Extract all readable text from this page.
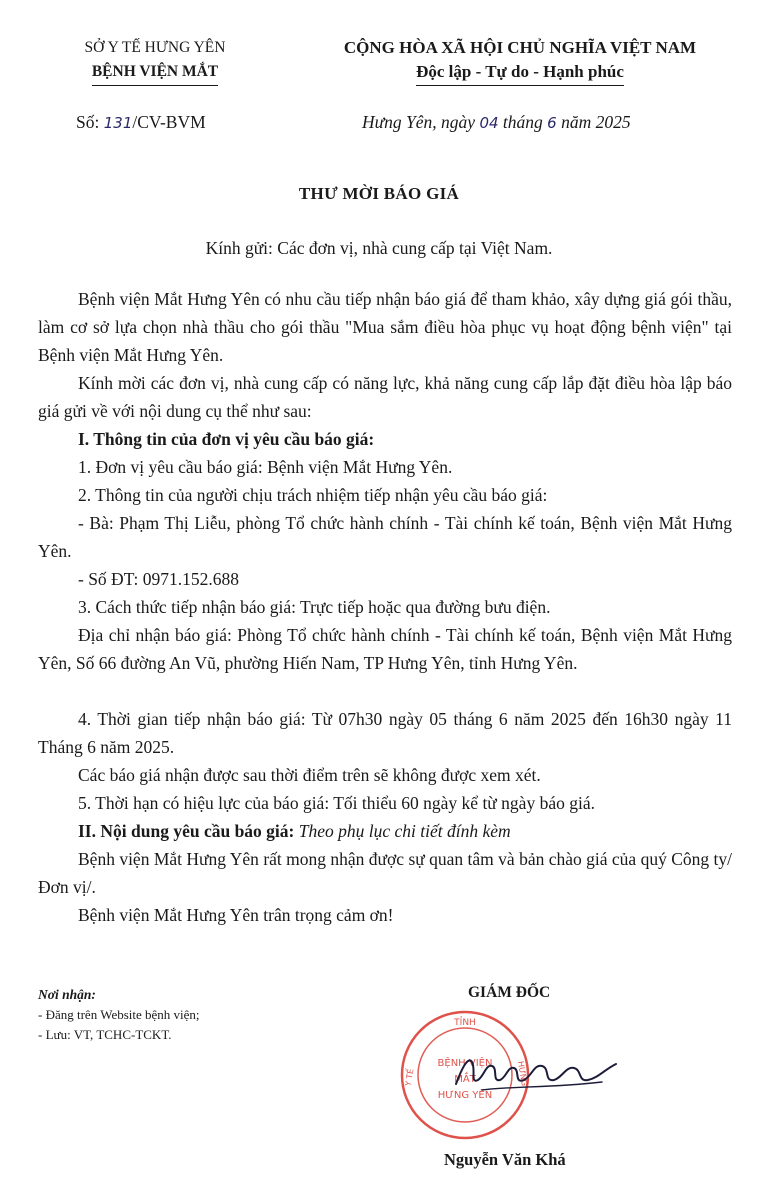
SỞ Y TẾ HƯNG YÊN
BỆNH VIỆN MẮT
CỘNG HÒA XÃ HỘI CHỦ NGHĨA VIỆT NAM
Độc lập - Tự do - Hạnh phúc
Số: 131/CV-BVM	Hưng Yên, ngày 04 tháng 6 năm 2025
THƯ MỜI BÁO GIÁ
Kính gửi: Các đơn vị, nhà cung cấp tại Việt Nam.
Bệnh viện Mắt Hưng Yên có nhu cầu tiếp nhận báo giá để tham khảo, xây dựng giá gói thầu, làm cơ sở lựa chọn nhà thầu cho gói thầu "Mua sắm điều hòa phục vụ hoạt động bệnh viện" tại Bệnh viện Mắt Hưng Yên.
Kính mời các đơn vị, nhà cung cấp có năng lực, khả năng cung cấp lắp đặt điều hòa lập báo giá gửi về với nội dung cụ thể như sau:
I. Thông tin của đơn vị yêu cầu báo giá:
1. Đơn vị yêu cầu báo giá: Bệnh viện Mắt Hưng Yên.
2. Thông tin của người chịu trách nhiệm tiếp nhận yêu cầu báo giá:
- Bà: Phạm Thị Liễu, phòng Tổ chức hành chính - Tài chính kế toán, Bệnh viện Mắt Hưng Yên.
- Số ĐT: 0971.152.688
3. Cách thức tiếp nhận báo giá: Trực tiếp hoặc qua đường bưu điện.
Địa chỉ nhận báo giá: Phòng Tổ chức hành chính - Tài chính kế toán, Bệnh viện Mắt Hưng Yên, Số 66 đường An Vũ, phường Hiến Nam, TP Hưng Yên, tỉnh Hưng Yên.
4. Thời gian tiếp nhận báo giá: Từ 07h30 ngày 05 tháng 6 năm 2025 đến 16h30 ngày 11 Tháng 6 năm 2025.
Các báo giá nhận được sau thời điểm trên sẽ không được xem xét.
5. Thời hạn có hiệu lực của báo giá: Tối thiểu 60 ngày kể từ ngày báo giá.
II. Nội dung yêu cầu báo giá: Theo phụ lục chi tiết đính kèm
Bệnh viện Mắt Hưng Yên rất mong nhận được sự quan tâm và bản chào giá của quý Công ty/Đơn vị/.
Bệnh viện Mắt Hưng Yên trân trọng cảm ơn!
Nơi nhận:
- Đăng trên Website bệnh viện;
- Lưu: VT, TCHC-TCKT.
GIÁM ĐỐC
TỈNH
Y TẾ	HƯNG
BỆNH VIỆN
MẮT
HƯNG YÊN
Nguyễn Văn Khá
